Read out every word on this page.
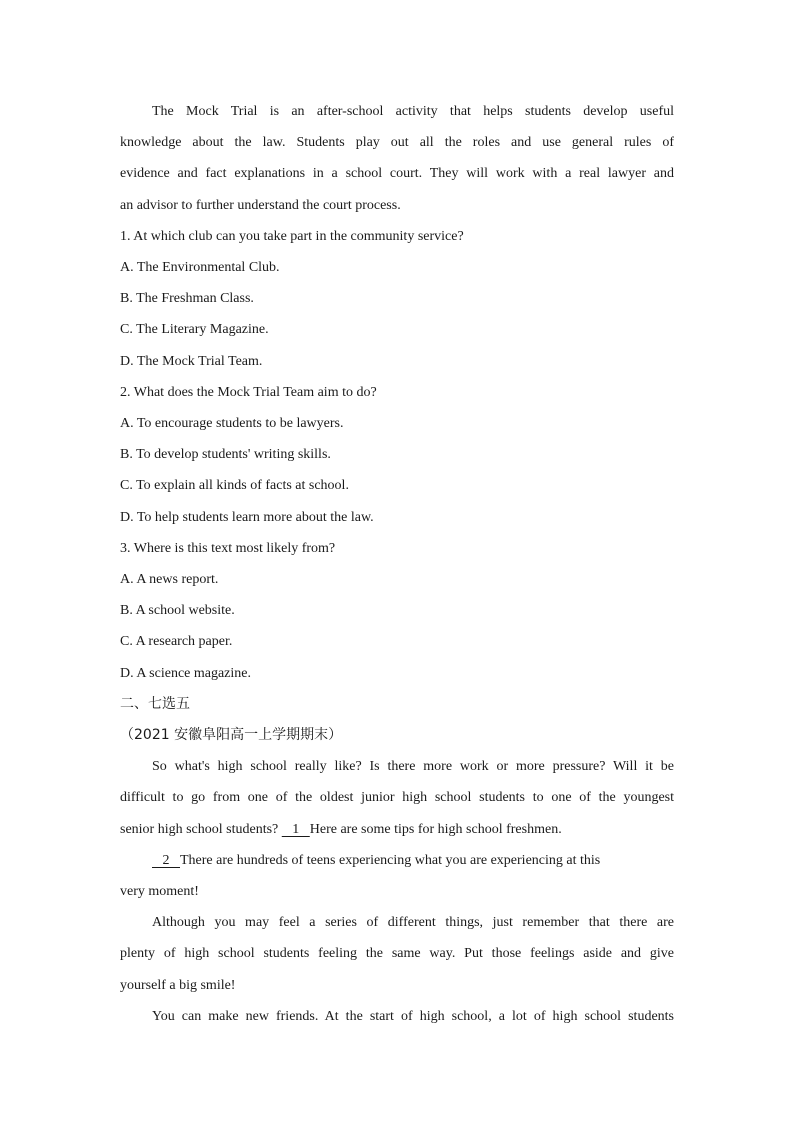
The Mock Trial is an after-school activity that helps students develop useful

knowledge about the law. Students play out all the roles and use general rules of

evidence and fact explanations in a school court. They will work with a real lawyer and

an advisor to further understand the court process.

1. At which club can you take part in the community service?

A. The Environmental Club.

B. The Freshman Class.

C. The Literary Magazine.

D. The Mock Trial Team.

2. What does the Mock Trial Team aim to do?

A. To encourage students to be lawyers.

B. To develop students' writing skills.

C. To explain all kinds of facts at school.

D. To help students learn more about the law.

3. Where is this text most likely from?

A. A news report.

B. A school website.

C. A research paper.

D. A science magazine.

二、七选五

（2021 安徽阜阳高一上学期期末）

So what's high school really like? Is there more work or more pressure? Will it be

difficult to go from one of the oldest junior high school students to one of the youngest

senior high school students?    1   Here are some tips for high school freshmen.

2   There are hundreds of teens experiencing what you are experiencing at this

very moment!

Although you may feel a series of different things, just remember that there are

plenty of high school students feeling the same way. Put those feelings aside and give

yourself a big smile!

You can make new friends. At the start of high school, a lot of high school students
